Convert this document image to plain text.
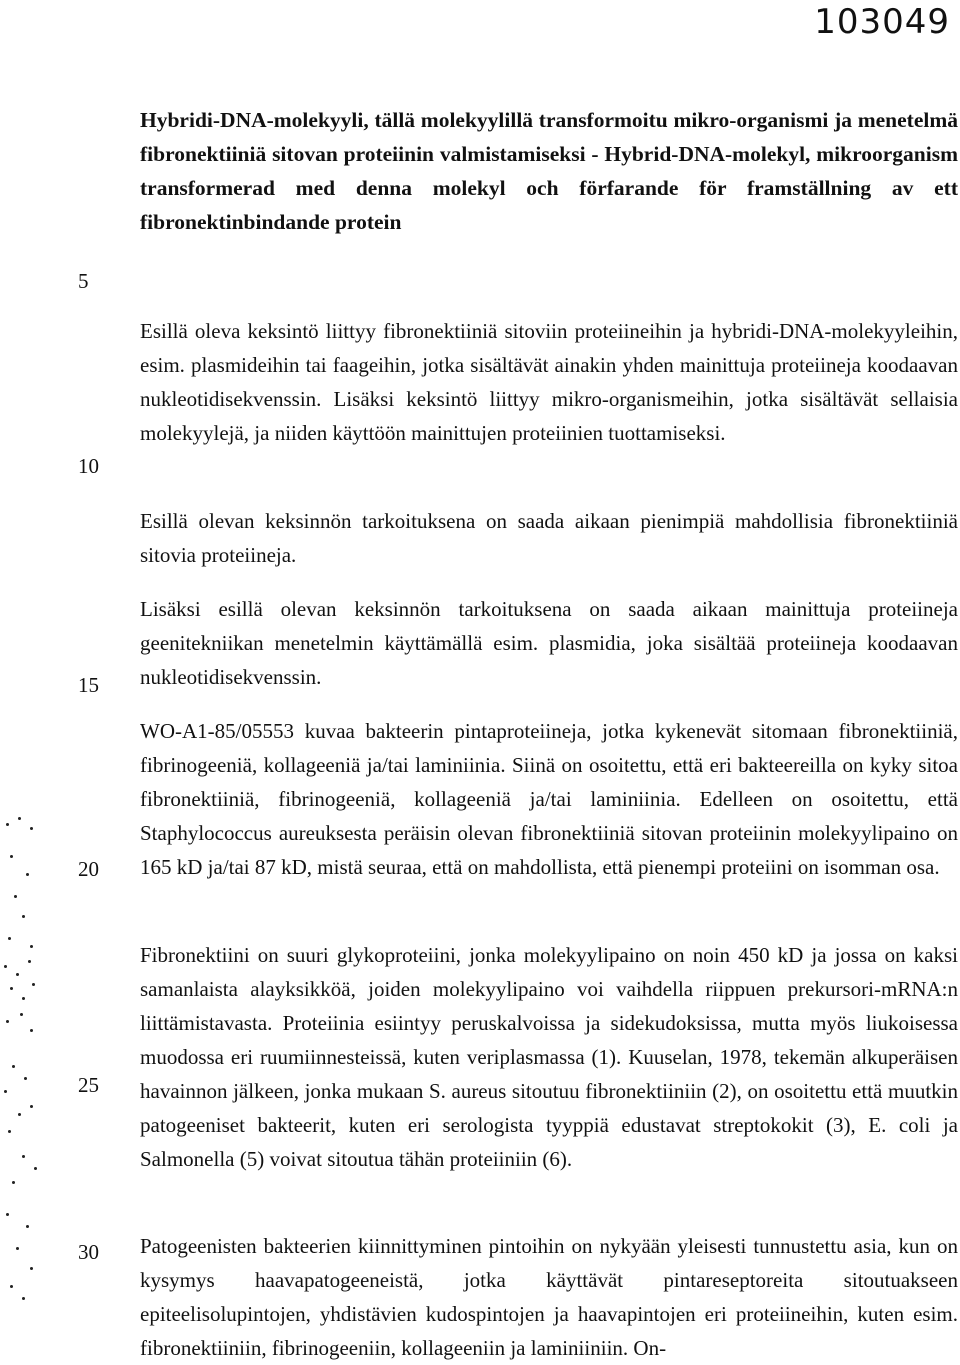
103049

Hybridi-DNA-molekyyli, tällä molekyylillä transformoitu mikro-organismi ja menetelmä fibronektiiniä sitovan proteiinin valmistamiseksi - Hybrid-DNA-molekyl, mikroorganism transformerad med denna molekyl och förfarande för framställning av ett fibronektinbindande protein

5
10
15
20
25
30

Esillä oleva keksintö liittyy fibronektiiniä sitoviin proteiineihin ja hybridi-DNA-molekyyleihin, esim. plasmideihin tai faageihin, jotka sisältävät ainakin yhden mainittuja proteiineja koodaavan nukleotidisekvenssin. Lisäksi keksintö liittyy mikro-organismeihin, jotka sisältävät sellaisia molekyylejä, ja niiden käyttöön mainittujen proteiinien tuottamiseksi.

Esillä olevan keksinnön tarkoituksena on saada aikaan pienimpiä mahdollisia fibronektiiniä sitovia proteiineja.

Lisäksi esillä olevan keksinnön tarkoituksena on saada aikaan mainittuja proteiineja geenitekniikan menetelmin käyttämällä esim. plasmidia, joka sisältää proteiineja koodaavan nukleotidisekvenssin.

WO-A1-85/05553 kuvaa bakteerin pintaproteiineja, jotka kykenevät sitomaan fibronektiiniä, fibrinogeeniä, kollageeniä ja/tai laminiinia. Siinä on osoitettu, että eri bakteereilla on kyky sitoa fibronektiiniä, fibrinogeeniä, kollageeniä ja/tai laminiinia. Edelleen on osoitettu, että Staphylococcus aureuksesta peräisin olevan fibronektiiniä sitovan proteiinin molekyylipaino on 165 kD ja/tai 87 kD, mistä seuraa, että on mahdollista, että pienempi proteiini on isomman osa.

Fibronektiini on suuri glykoproteiini, jonka molekyylipaino on noin 450 kD ja jossa on kaksi samanlaista alayksikköä, joiden molekyylipaino voi vaihdella riippuen prekursori-mRNA:n liittämistavasta. Proteiinia esiintyy peruskalvoissa ja sidekudoksissa, mutta myös liukoisessa muodossa eri ruumiinnesteissä, kuten veriplasmassa (1). Kuuselan, 1978, tekemän alkuperäisen havainnon jälkeen, jonka mukaan S. aureus sitoutuu fibronektiiniin (2), on osoitettu että muutkin patogeeniset bakteerit, kuten eri serologista tyyppiä edustavat streptokokit (3), E. coli ja Salmonella (5) voivat sitoutua tähän proteiiniin (6).

Patogeenisten bakteerien kiinnittyminen pintoihin on nykyään yleisesti tunnustettu asia, kun on kysymys haavapatogeeneistä, jotka käyttävät pintareseptoreita sitoutuakseen epiteelisolupintojen, yhdistävien kudospintojen ja haavapintojen eri proteiineihin, kuten esim. fibronektiiniin, fibrinogeeniin, kollageeniin ja laminiiniin. On-
